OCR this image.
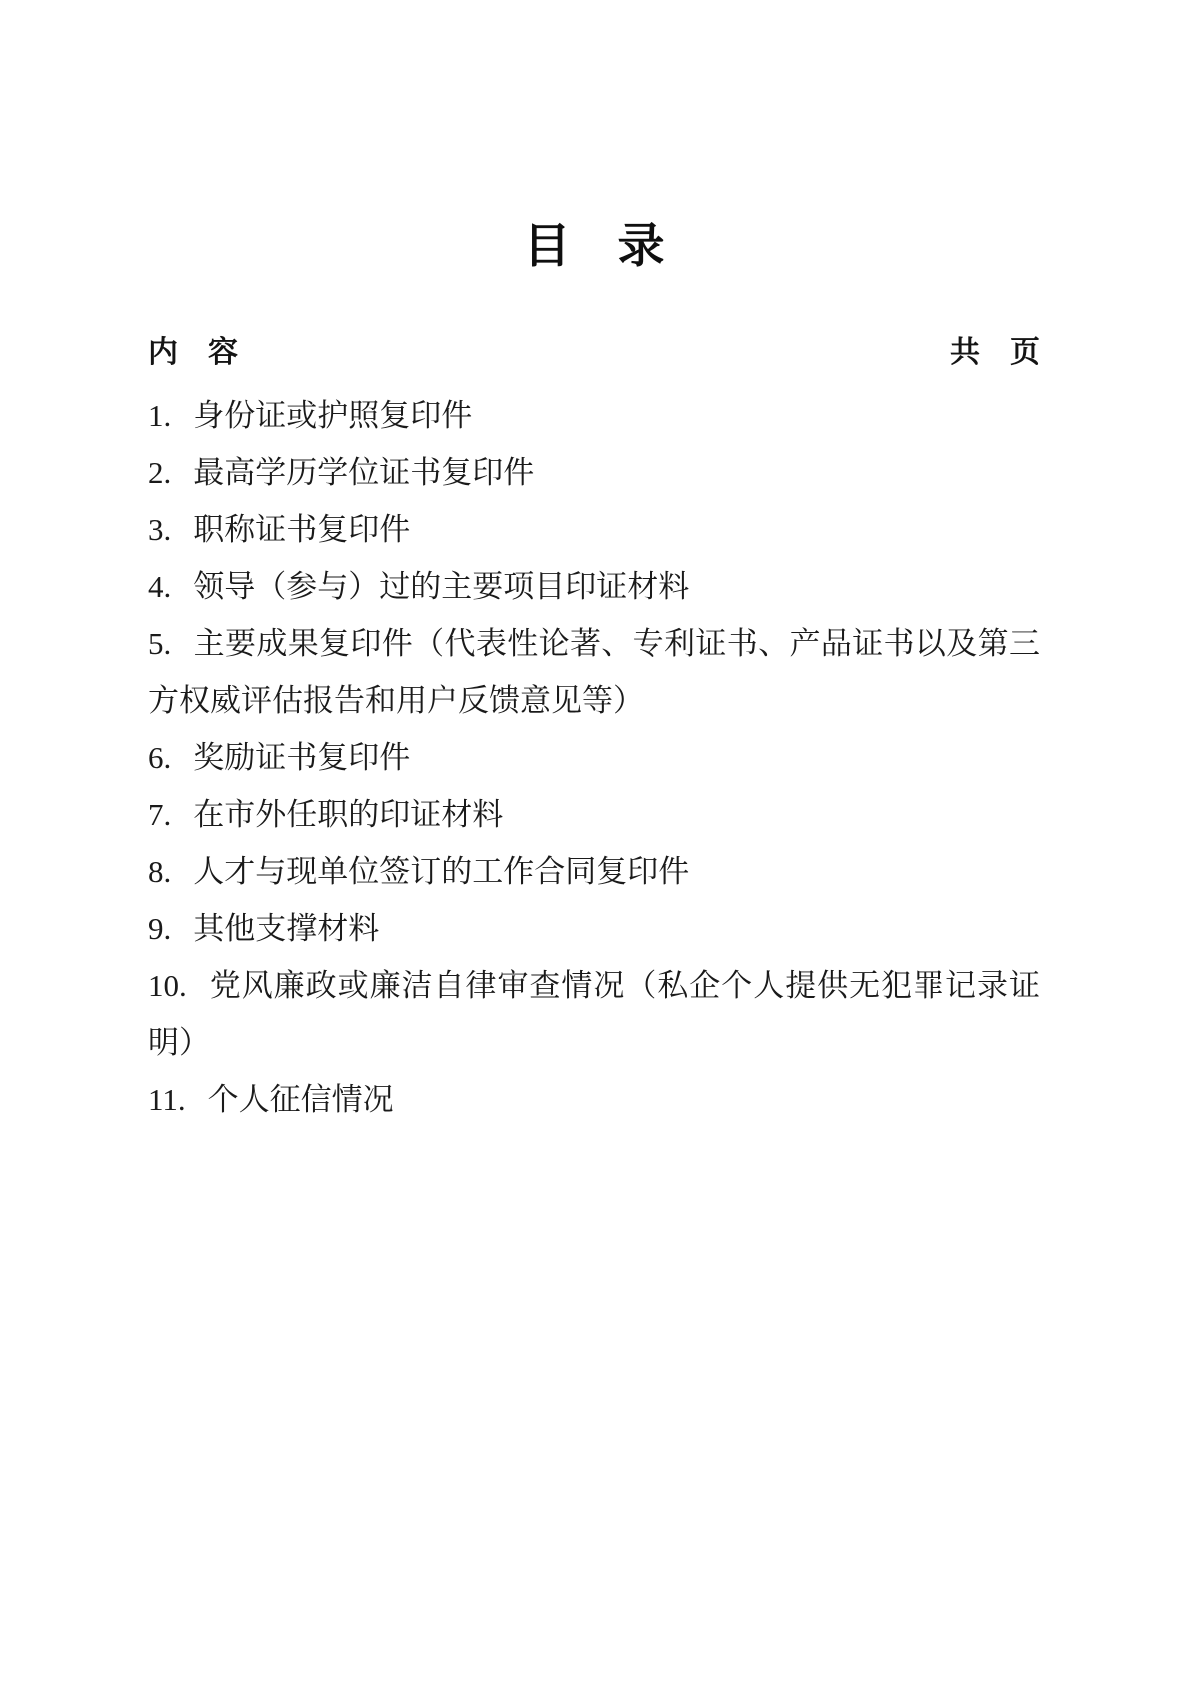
目　录
内　容	共　页
1. 身份证或护照复印件
2. 最高学历学位证书复印件
3. 职称证书复印件
4. 领导（参与）过的主要项目印证材料
5. 主要成果复印件（代表性论著、专利证书、产品证书以及第三方权威评估报告和用户反馈意见等）
6. 奖励证书复印件
7. 在市外任职的印证材料
8. 人才与现单位签订的工作合同复印件
9. 其他支撑材料
10. 党风廉政或廉洁自律审查情况（私企个人提供无犯罪记录证明）
11. 个人征信情况
